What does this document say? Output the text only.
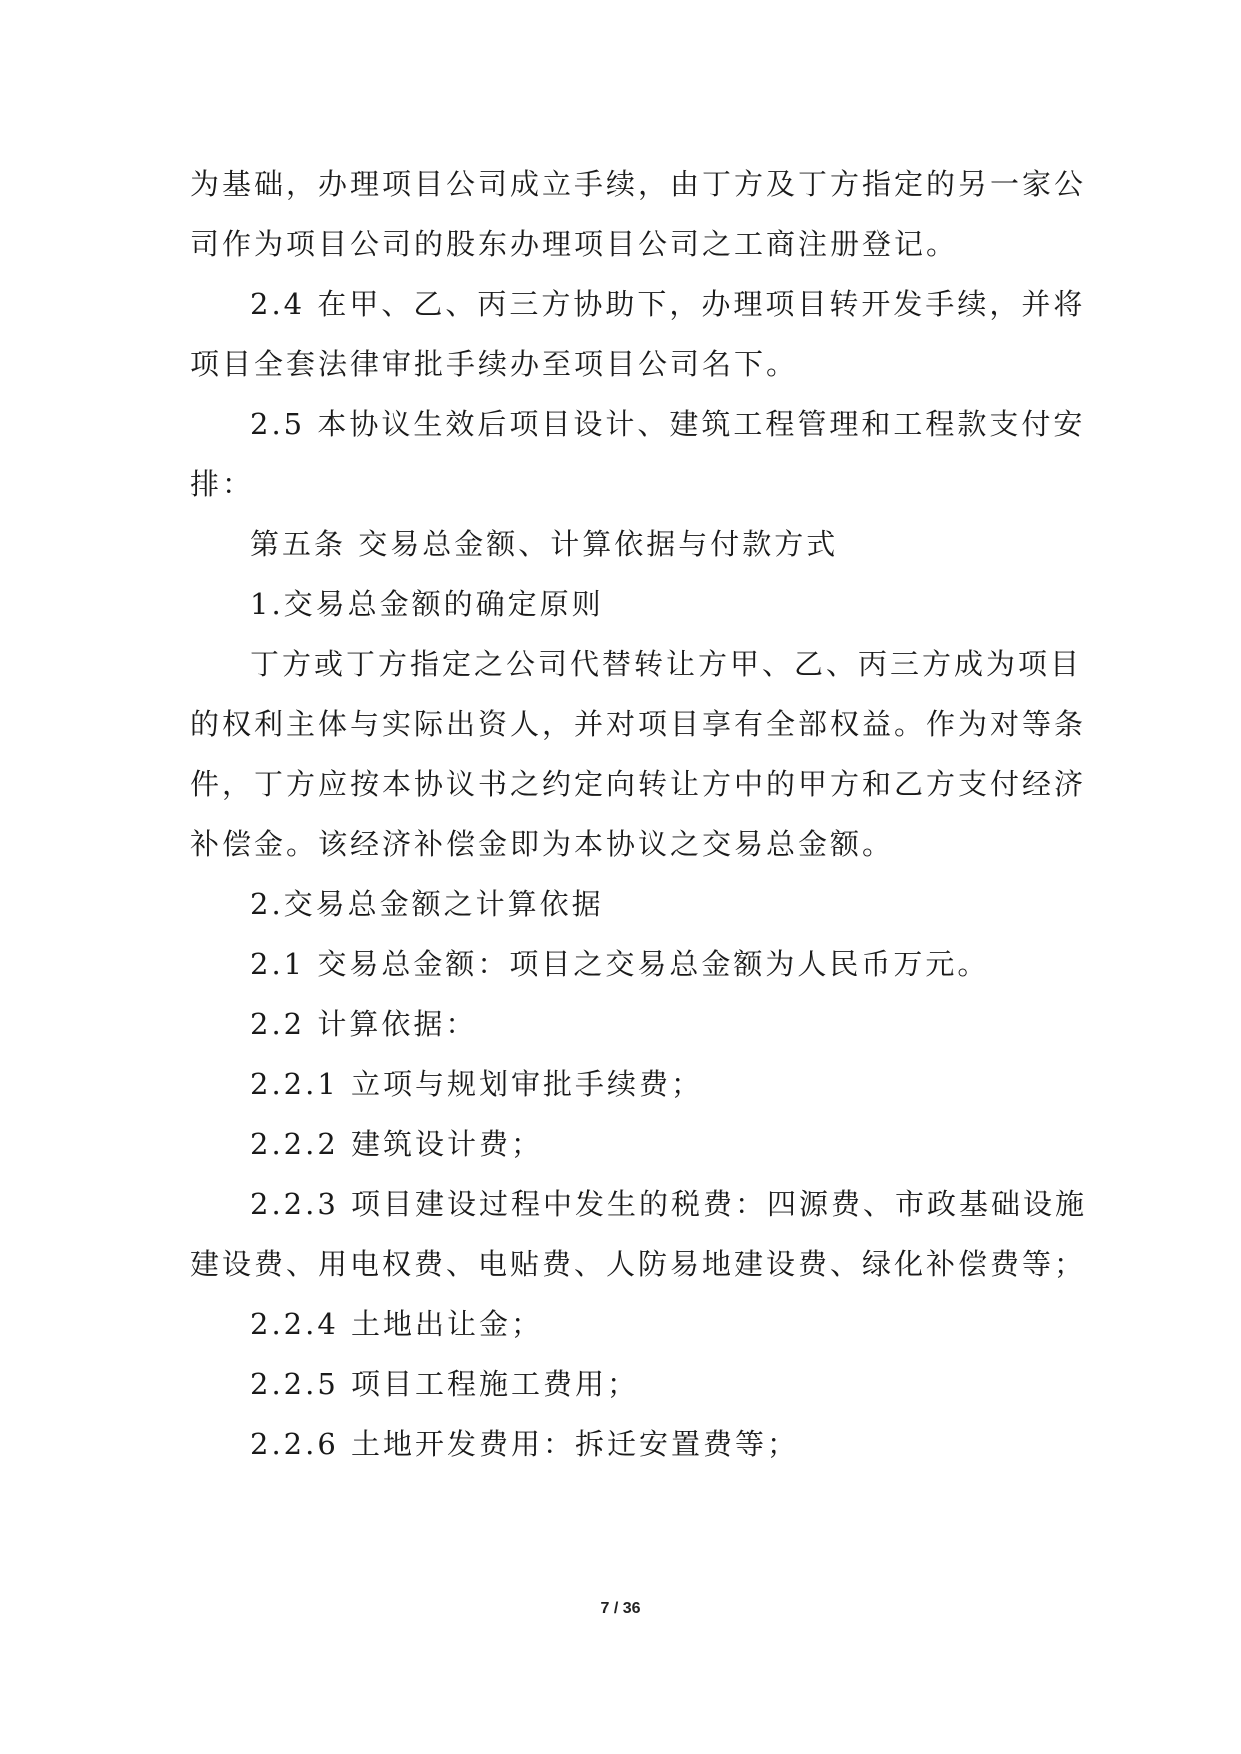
为基础，办理项目公司成立手续，由丁方及丁方指定的另一家公
司作为项目公司的股东办理项目公司之工商注册登记。
2.4 在甲、乙、丙三方协助下，办理项目转开发手续，并将
项目全套法律审批手续办至项目公司名下。
2.5 本协议生效后项目设计、建筑工程管理和工程款支付安
排：
第五条 交易总金额、计算依据与付款方式
1.交易总金额的确定原则
丁方或丁方指定之公司代替转让方甲、乙、丙三方成为项目
的权利主体与实际出资人，并对项目享有全部权益。作为对等条
件，丁方应按本协议书之约定向转让方中的甲方和乙方支付经济
补偿金。该经济补偿金即为本协议之交易总金额。
2.交易总金额之计算依据
2.1 交易总金额：项目之交易总金额为人民币万元。
2.2 计算依据：
2.2.1 立项与规划审批手续费；
2.2.2 建筑设计费；
2.2.3 项目建设过程中发生的税费：四源费、市政基础设施
建设费、用电权费、电贴费、人防易地建设费、绿化补偿费等；
2.2.4 土地出让金；
2.2.5 项目工程施工费用；
2.2.6 土地开发费用：拆迁安置费等；
7 / 36
